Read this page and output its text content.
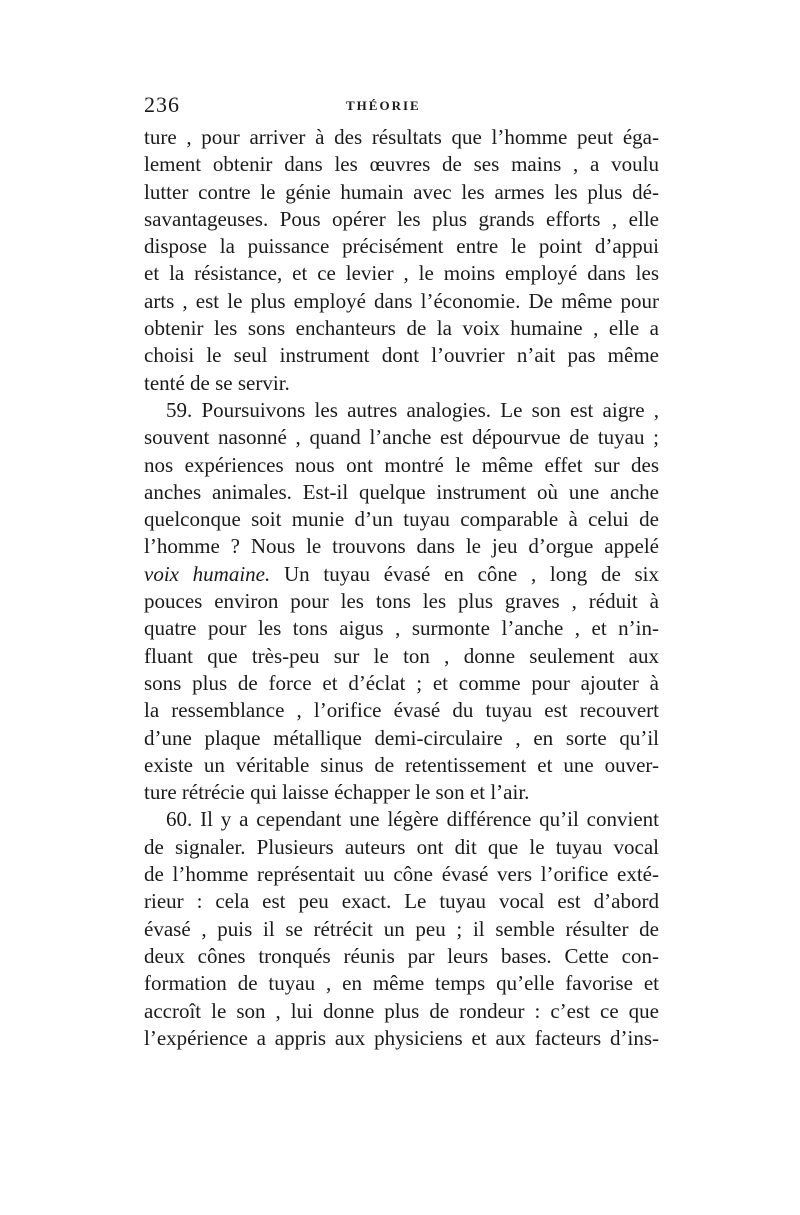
236	THÉORIE
ture , pour arriver à des résultats que l’homme peut éga-
lement obtenir dans les œuvres de ses mains , a voulu
lutter contre le génie humain avec les armes les plus dé-
savantageuses. Pous opérer les plus grands efforts , elle
dispose la puissance précisément entre le point d’appui
et la résistance, et ce levier , le moins employé dans les
arts , est le plus employé dans l’économie. De même pour
obtenir les sons enchanteurs de la voix humaine , elle a
choisi le seul instrument dont l’ouvrier n’ait pas même
tenté de se servir.
59. Poursuivons les autres analogies. Le son est aigre ,
souvent nasonné , quand l’anche est dépourvue de tuyau ;
nos expériences nous ont montré le même effet sur des
anches animales. Est-il quelque instrument où une anche
quelconque soit munie d’un tuyau comparable à celui de
l’homme ? Nous le trouvons dans le jeu d’orgue appelé
voix humaine. Un tuyau évasé en cône , long de six
pouces environ pour les tons les plus graves , réduit à
quatre pour les tons aigus , surmonte l’anche , et n’in-
fluant que très-peu sur le ton , donne seulement aux
sons plus de force et d’éclat ; et comme pour ajouter à
la ressemblance , l’orifice évasé du tuyau est recouvert
d’une plaque métallique demi-circulaire , en sorte qu’il
existe un véritable sinus de retentissement et une ouver-
ture rétrécie qui laisse échapper le son et l’air.
60. Il y a cependant une légère différence qu’il convient
de signaler. Plusieurs auteurs ont dit que le tuyau vocal
de l’homme représentait uu cône évasé vers l’orifice exté-
rieur : cela est peu exact. Le tuyau vocal est d’abord
évasé , puis il se rétrécit un peu ; il semble résulter de
deux cônes tronqués réunis par leurs bases. Cette con-
formation de tuyau , en même temps qu’elle favorise et
accroît le son , lui donne plus de rondeur : c’est ce que
l’expérience a appris aux physiciens et aux facteurs d’ins-
